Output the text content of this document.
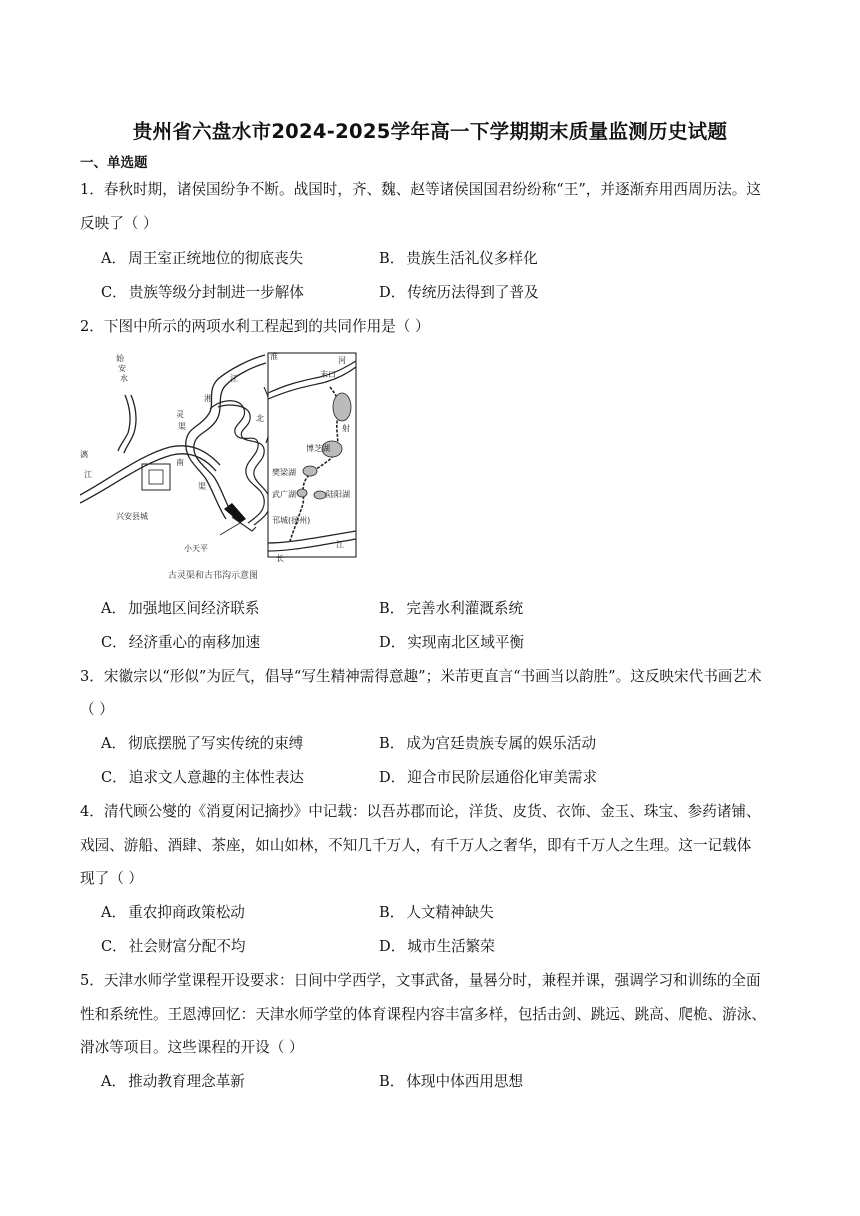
贵州省六盘水市2024-2025学年高一下学期期末质量监测历史试题
一、单选题
1．春秋时期，诸侯国纷争不断。战国时，齐、魏、赵等诸侯国国君纷纷称“王”，并逐渐弃用西周历法。这
反映了（ ）
A． 周王室正统地位的彻底丧失	B． 贵族生活礼仪多样化
C． 贵族等级分封制进一步解体	D． 传统历法得到了普及
2．下图中所示的两项水利工程起到的共同作用是（ ）
漓
江
始
安
水
湘
江
灵
渠
南
渠
北
兴安县城
小天平
淮	河
末口
射
博芝湖
樊梁湖
武广湖	陆阳湖
邗城(扬州)
长
江
古灵渠和古邗沟示意图
A． 加强地区间经济联系	B． 完善水利灌溉系统
C． 经济重心的南移加速	D． 实现南北区域平衡
3．宋徽宗以“形似”为匠气，倡导“写生精神需得意趣”；米芾更直言“书画当以韵胜”。这反映宋代书画艺术
（ ）
A． 彻底摆脱了写实传统的束缚	B． 成为宫廷贵族专属的娱乐活动
C． 追求文人意趣的主体性表达	D． 迎合市民阶层通俗化审美需求
4．清代顾公燮的《消夏闲记摘抄》中记载：以吾苏郡而论，洋货、皮货、衣饰、金玉、珠宝、参药诸铺、
戏园、游船、酒肆、茶座，如山如林，不知几千万人，有千万人之奢华，即有千万人之生理。这一记载体
现了（ ）
A． 重农抑商政策松动	B． 人文精神缺失
C． 社会财富分配不均	D． 城市生活繁荣
5．天津水师学堂课程开设要求：日间中学西学，文事武备，量晷分时，兼程并课，强调学习和训练的全面
性和系统性。王恩溥回忆：天津水师学堂的体育课程内容丰富多样，包括击剑、跳远、跳高、爬桅、游泳、
滑冰等项目。这些课程的开设（ ）
A． 推动教育理念革新	B． 体现中体西用思想
